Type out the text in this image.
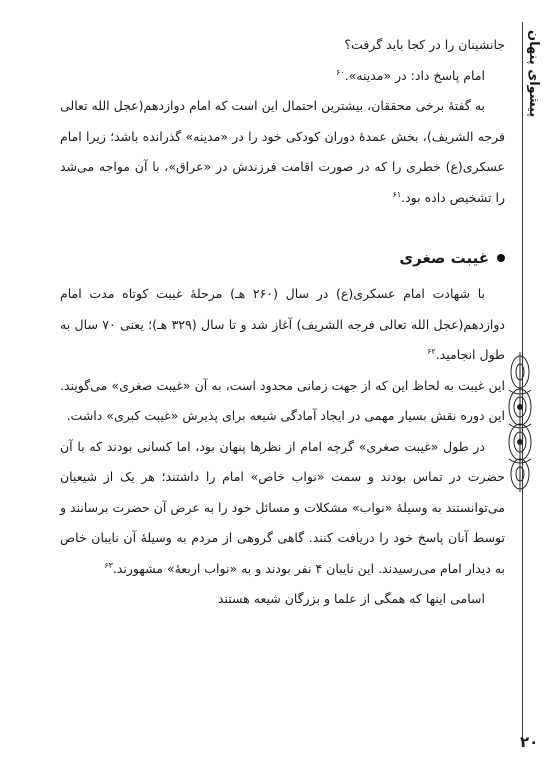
پیشوای پنهان

جانشینان را در کجا باید گرفت؟

امام پاسخ داد: در «مدینه».$^{۶۰}$

به گفتهٔ برخی محققان، بیشترین احتمال این است که امام دوازدهم(عجل الله تعالی فرجه الشریف)، بخش عمدهٔ دوران کودکی خود را در «مدینه» گذرانده باشد؛ زیرا امام عسکری‌(ع) خطری را که در صورت اقامت فرزندش در «عراق»، با آن مواجه می‌شد را تشخیص داده بود.$^{۶۱}$

غیبت صغری

با شهادت امام عسکری‌(ع) در سال (۲۶۰ هـ) مرحلهٔ غیبت کوتاه مدت امام دوازدهم(عجل الله تعالی فرجه الشریف) آغاز شد و تا سال (۳۲۹ هـ)؛ یعنی ۷۰ سال به طول انجامید.$^{۶۲}$

این غیبت به لحاظ این که از جهت زمانی محدود است، به آن «غیبت صغری» می‌گویند. این دوره نقش بسیار مهمی در ایجاد آمادگی شیعه برای پذیرش «غیبت کبری» داشت.

در طول «غیبت صغری» گرچه امام از نظرها پنهان بود، اما کسانی بودند که با آن حضرت در تماس بودند و سمت «نواب خاص» امام را داشتند؛ هر یک از شیعیان می‌توانستند به وسیلهٔ «نواب» مشکلات و مسائل خود را به عرض آن حضرت برسانند و توسط آنان پاسخ خود را دریافت کنند. گاهی گروهی از مردم به وسیلهٔ آن نایبان خاص به دیدار امام می‌رسیدند. این نایبان ۴ نفر بودند و به «نواب اربعهٔ» مشهورند.$^{۶۳}$

اسامی اینها که همگی از علما و بزرگان شیعه هستند

۲۰
